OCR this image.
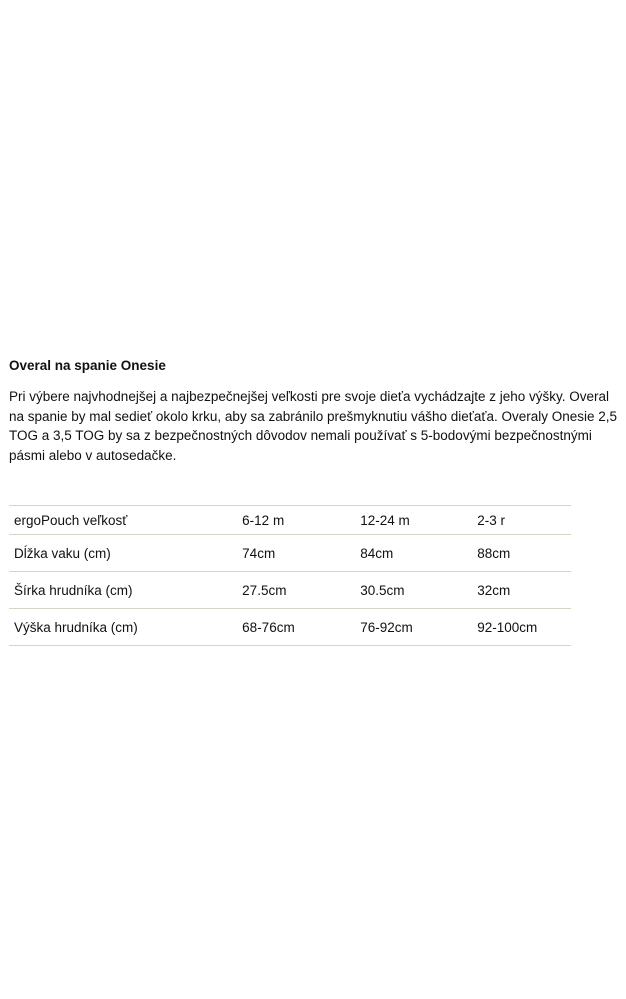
Overal na spanie Onesie

Pri výbere najvhodnejšej a najbezpečnejšej veľkosti pre svoje dieťa vychádzajte z jeho výšky. Overal na spanie by mal sedieť okolo krku, aby sa zabránilo prešmyknutiu vášho dieťaťa. Overaly Onesie 2,5 TOG a 3,5 TOG by sa z bezpečnostných dôvodov nemali používať s 5-bodovými bezpečnostnými pásmi alebo v autosedačke.

ergoPouch veľkosť	6-12 m	12-24 m	2-3 r
Dĺžka vaku (cm)	74cm	84cm	88cm
Šírka hrudníka (cm)	27.5cm	30.5cm	32cm
Výška hrudníka (cm)	68-76cm	76-92cm	92-100cm
